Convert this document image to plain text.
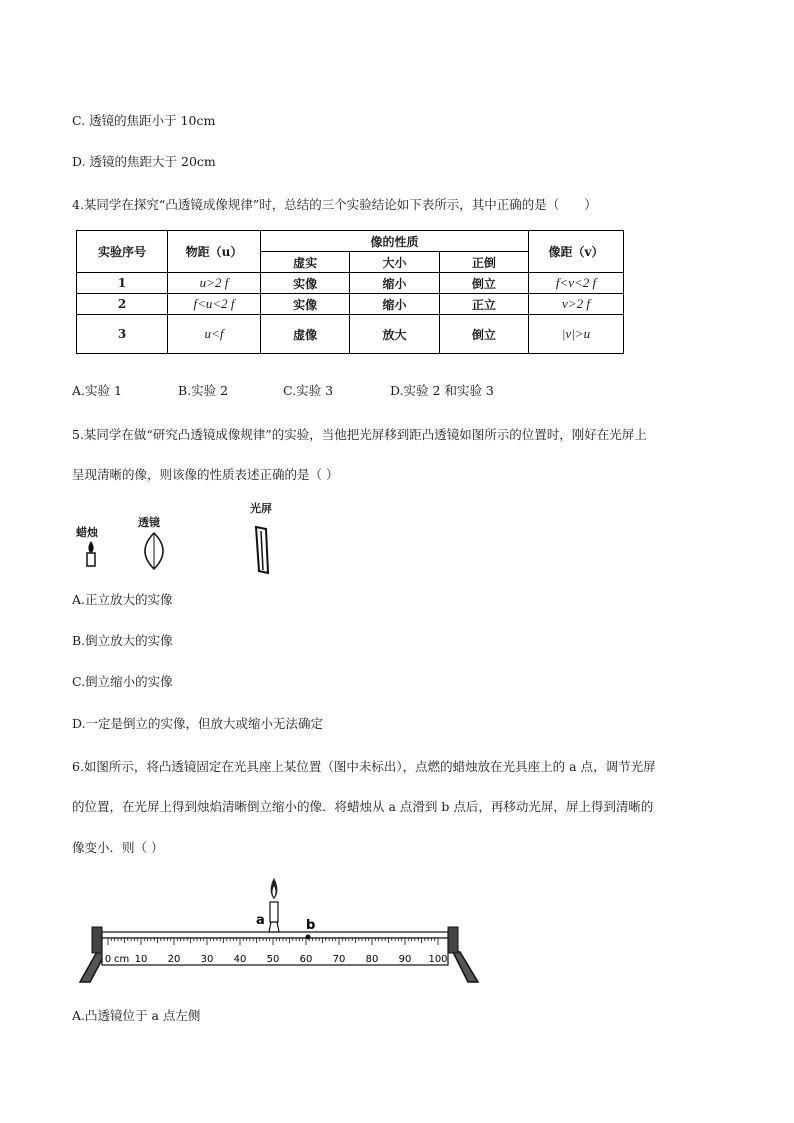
C. 透镜的焦距小于 10cm
D. 透镜的焦距大于 20cm
4.某同学在探究“凸透镜成像规律”时，总结的三个实验结论如下表所示，其中正确的是（　　）
实验序号	物距（u）	像的性质			像距（v）
		虚实	大小	正倒	
1	u>2 f	实像	缩小	倒立	f<v<2 f
2	f<u<2 f	实像	缩小	正立	v>2 f
3	u<f	虚像	放大	倒立	|v|>u
A.实验 1	B.实验 2	C.实验 3	D.实验 2 和实验 3
5.某同学在做“研究凸透镜成像规律”的实验，当他把光屏移到距凸透镜如图所示的位置时，刚好在光屏上
呈现清晰的像，则该像的性质表述正确的是（ ）
蜡烛
透镜
光屏
A.正立放大的实像
B.倒立放大的实像
C.倒立缩小的实像
D.一定是倒立的实像，但放大或缩小无法确定
6.如图所示，将凸透镜固定在光具座上某位置（图中未标出），点燃的蜡烛放在光具座上的 a 点，调节光屏
的位置，在光屏上得到烛焰清晰倒立缩小的像．将蜡烛从 a 点滑到 b 点后，再移动光屏，屏上得到清晰的
像变小．则（ ）
0 10 20 30 40 50 60 70 80 90 100
a	b
cm
A.凸透镜位于 a 点左侧
